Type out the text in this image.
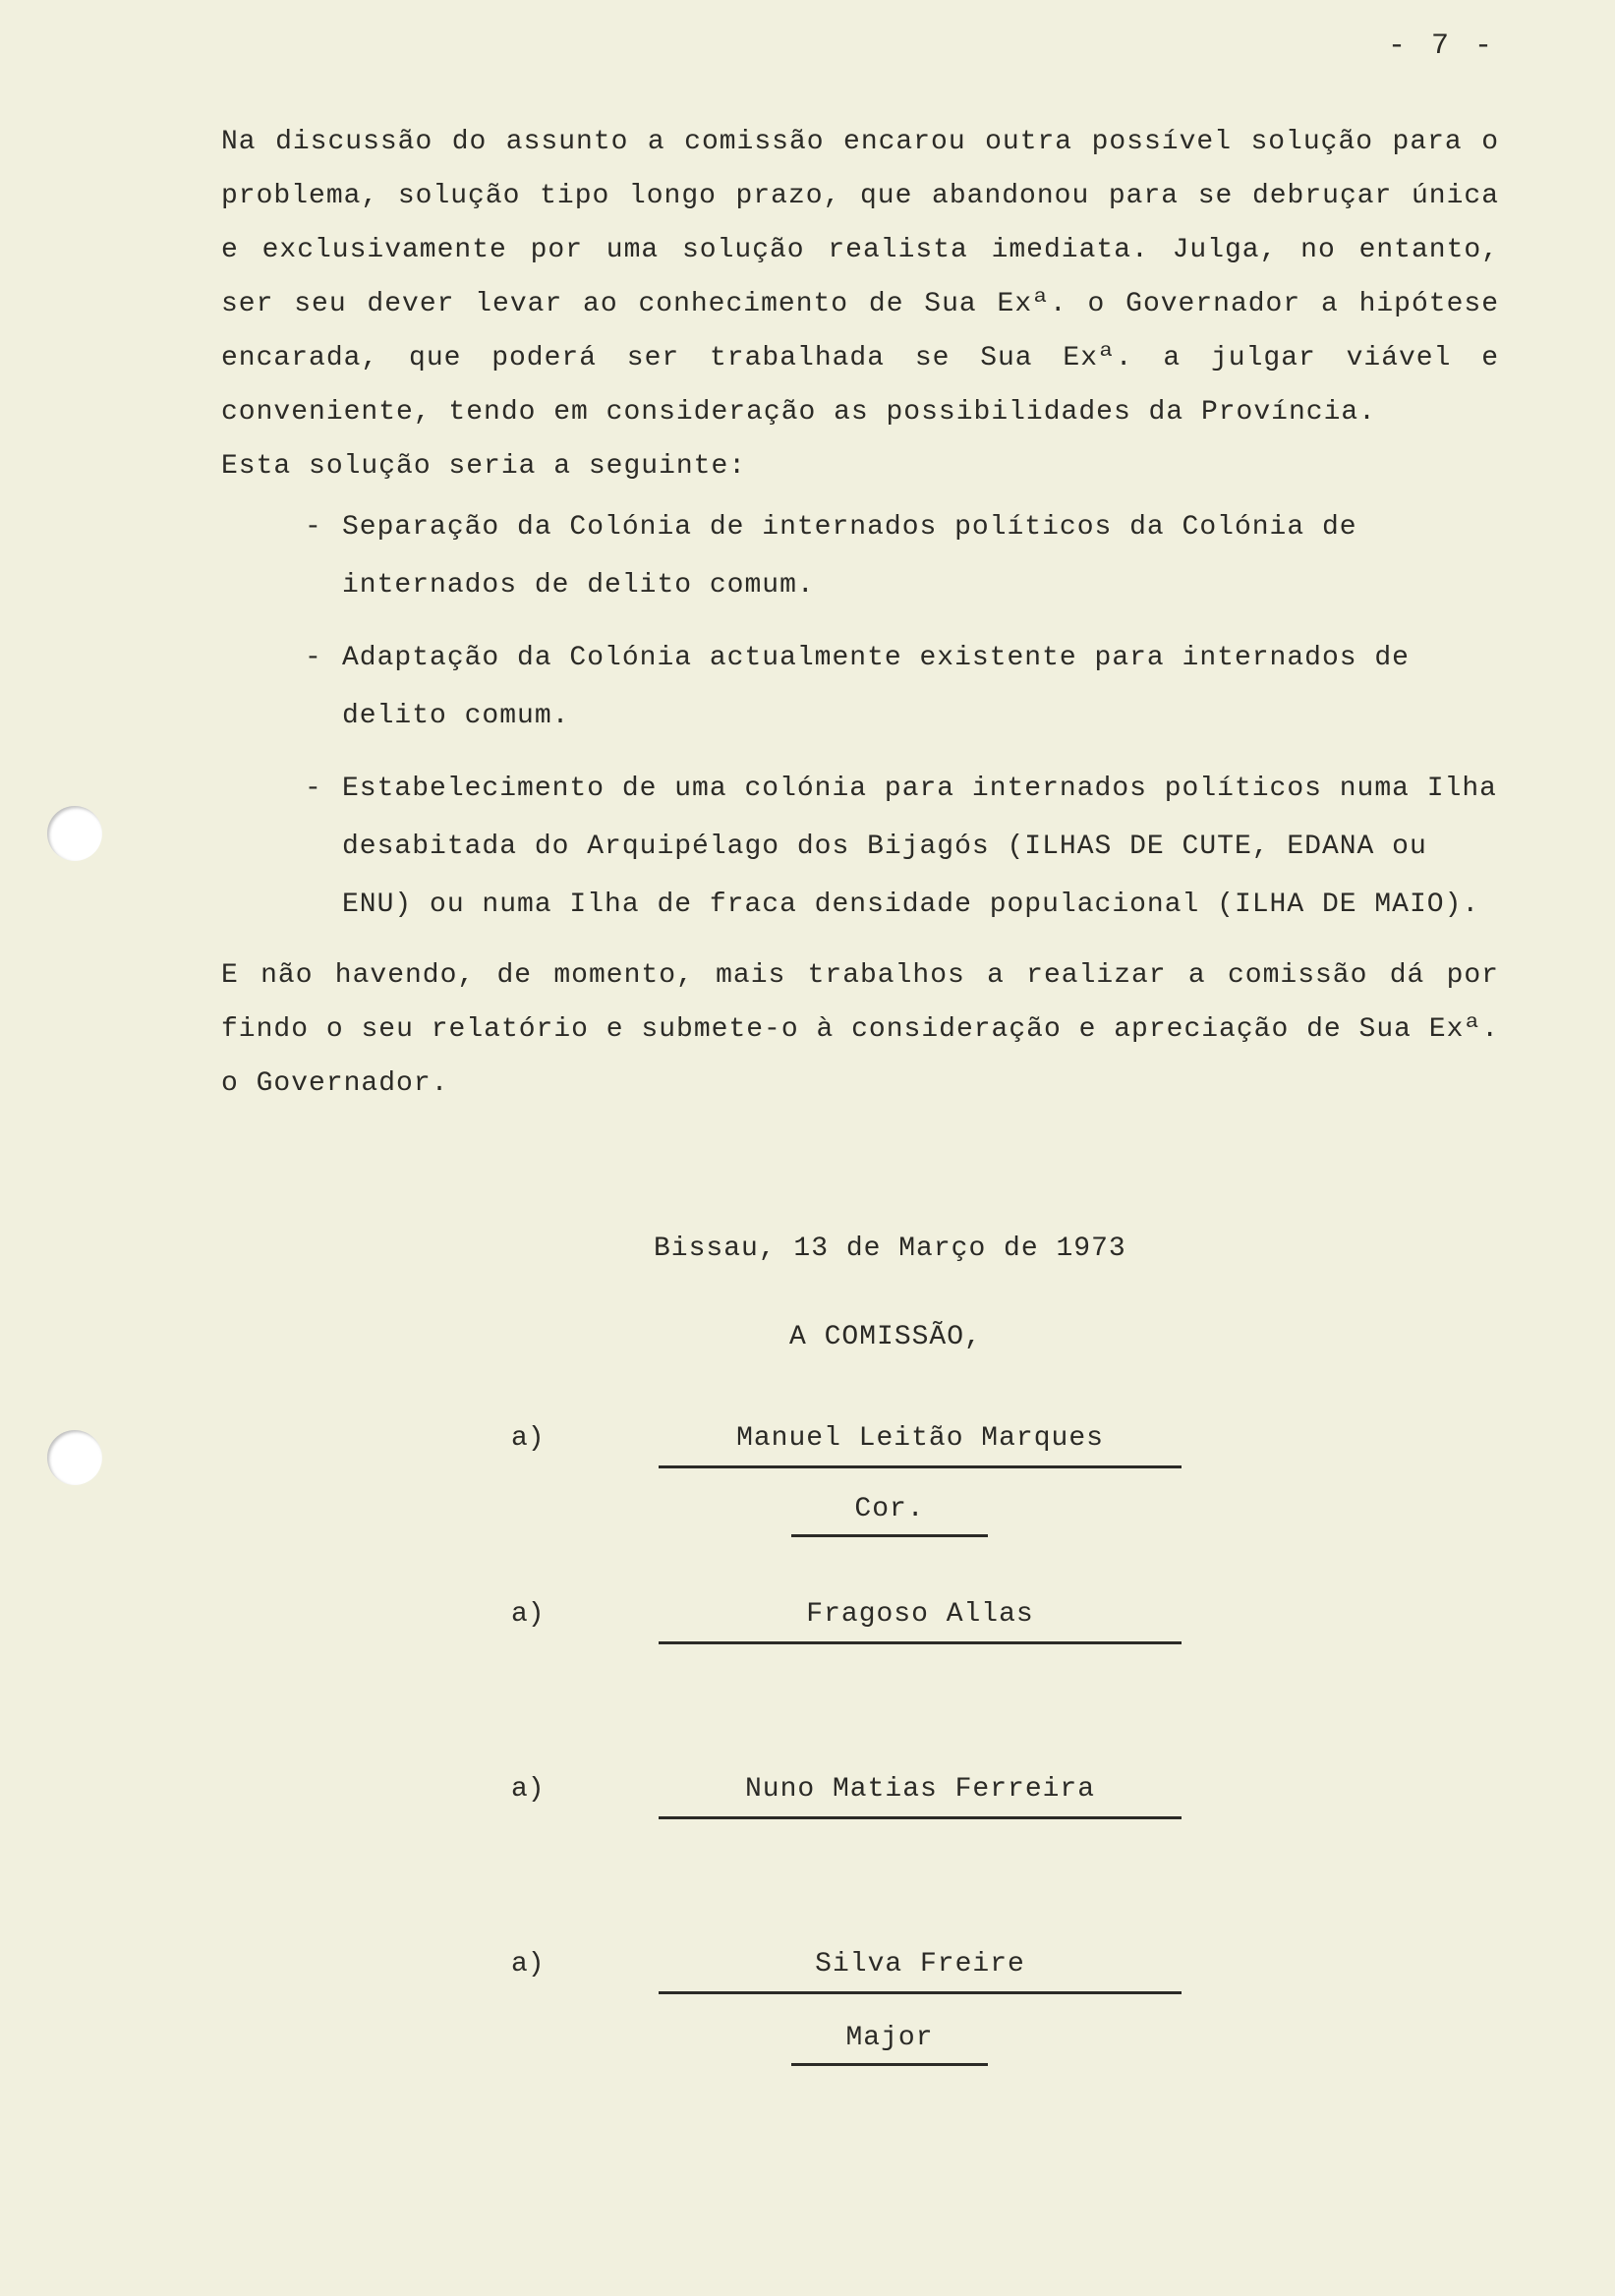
- 7 -

Na discussão do assunto a comissão encarou outra possível solução para o problema, solução tipo longo prazo, que abandonou para se debruçar única e exclusivamente por uma solução realista imediata. Julga, no entanto, ser seu dever levar ao conhecimento de Sua Exª. o Governador a hipótese encarada, que poderá ser trabalhada se Sua Exª. a julgar viável e conveniente, tendo em consideração as possibilidades da Província.

Esta solução seria a seguinte:

- Separação da Colónia de internados políticos da Colónia de internados de delito comum.
- Adaptação da Colónia actualmente existente para internados de delito comum.
- Estabelecimento de uma colónia para internados políticos numa Ilha desabitada do Arquipélago dos Bijagós (ILHAS DE CUTE, EDANA ou ENU) ou numa Ilha de fraca densidade populacional (ILHA DE MAIO).

E não havendo, de momento, mais trabalhos a realizar a comissão dá por findo o seu relatório e submete-o à consideração e apreciação de Sua Exª. o Governador.

Bissau, 13 de Março de 1973
A COMISSÃO,
a)	Manuel Leitão Marques
Cor.
a)	Fragoso Allas
a)	Nuno Matias Ferreira
a)	Silva Freire
Major
